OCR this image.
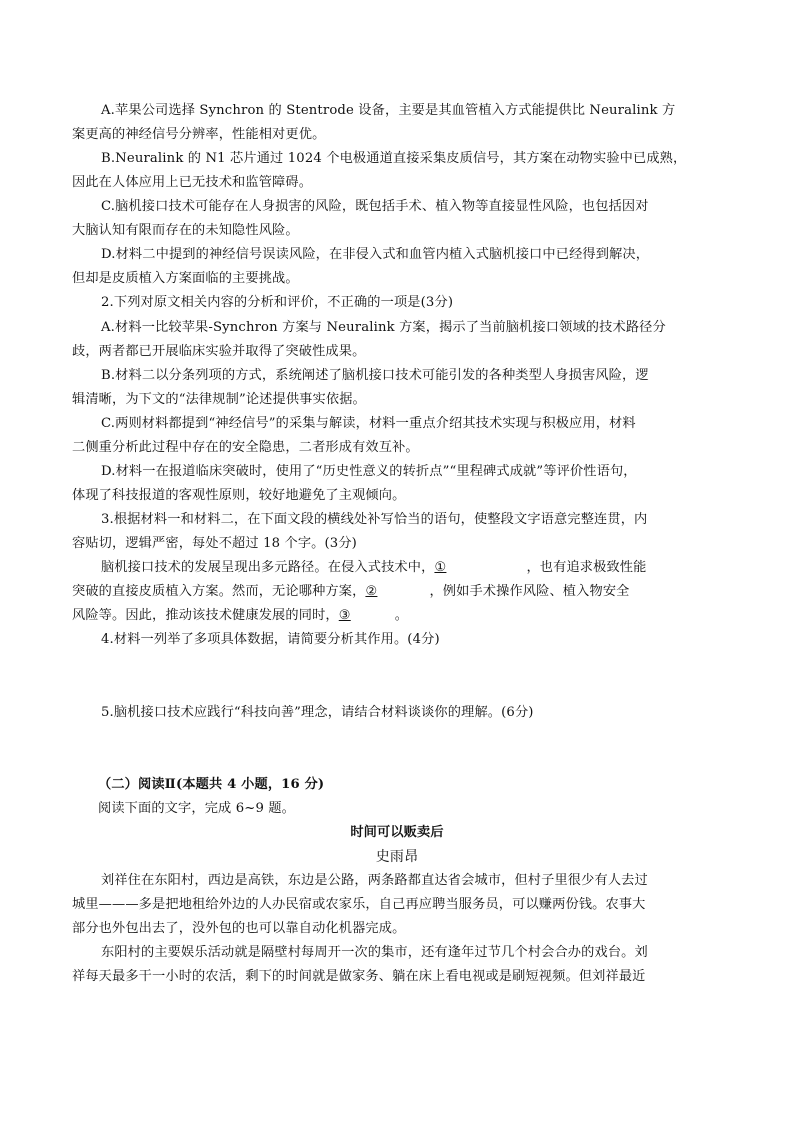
A.苹果公司选择 Synchron 的 Stentrode 设备，主要是其血管植入方式能提供比 Neuralink 方
案更高的神经信号分辨率，性能相对更优。
B.Neuralink 的 N1 芯片通过 1024 个电极通道直接采集皮质信号，其方案在动物实验中已成熟，
因此在人体应用上已无技术和监管障碍。
C.脑机接口技术可能存在人身损害的风险，既包括手术、植入物等直接显性风险，也包括因对
大脑认知有限而存在的未知隐性风险。
D.材料二中提到的神经信号误读风险，在非侵入式和血管内植入式脑机接口中已经得到解决，
但却是皮质植入方案面临的主要挑战。
2.下列对原文相关内容的分析和评价，不正确的一项是(3分)
A.材料一比较苹果-Synchron 方案与 Neuralink 方案，揭示了当前脑机接口领域的技术路径分
歧，两者都已开展临床实验并取得了突破性成果。
B.材料二以分条列项的方式，系统阐述了脑机接口技术可能引发的各种类型人身损害风险，逻
辑清晰，为下文的“法律规制”论述提供事实依据。
C.两则材料都提到“神经信号”的采集与解读，材料一重点介绍其技术实现与积极应用，材料
二侧重分析此过程中存在的安全隐患，二者形成有效互补。
D.材料一在报道临床突破时，使用了“历史性意义的转折点”“里程碑式成就”等评价性语句，
体现了科技报道的客观性原则，较好地避免了主观倾向。
3.根据材料一和材料二，在下面文段的横线处补写恰当的语句，使整段文字语意完整连贯，内
容贴切，逻辑严密，每处不超过 18 个字。(3分)
脑机接口技术的发展呈现出多元路径。在侵入式技术中，①	，也有追求极致性能
突破的直接皮质植入方案。然而，无论哪种方案，②	，例如手术操作风险、植入物安全
风险等。因此，推动该技术健康发展的同时，③	。
4.材料一列举了多项具体数据，请简要分析其作用。(4分)
5.脑机接口技术应践行“科技向善”理念，请结合材料谈谈你的理解。(6分)
（二）阅读Ⅱ(本题共 4 小题，16 分)
阅读下面的文字，完成 6~9 题。
时间可以贩卖后
史雨昂
刘祥住在东阳村，西边是高铁，东边是公路，两条路都直达省会城市，但村子里很少有人去过
城里———多是把地租给外边的人办民宿或农家乐，自己再应聘当服务员，可以赚两份钱。农事大
部分也外包出去了，没外包的也可以靠自动化机器完成。
东阳村的主要娱乐活动就是隔壁村每周开一次的集市，还有逢年过节几个村会合办的戏台。刘
祥每天最多干一小时的农活，剩下的时间就是做家务、躺在床上看电视或是刷短视频。但刘祥最近
